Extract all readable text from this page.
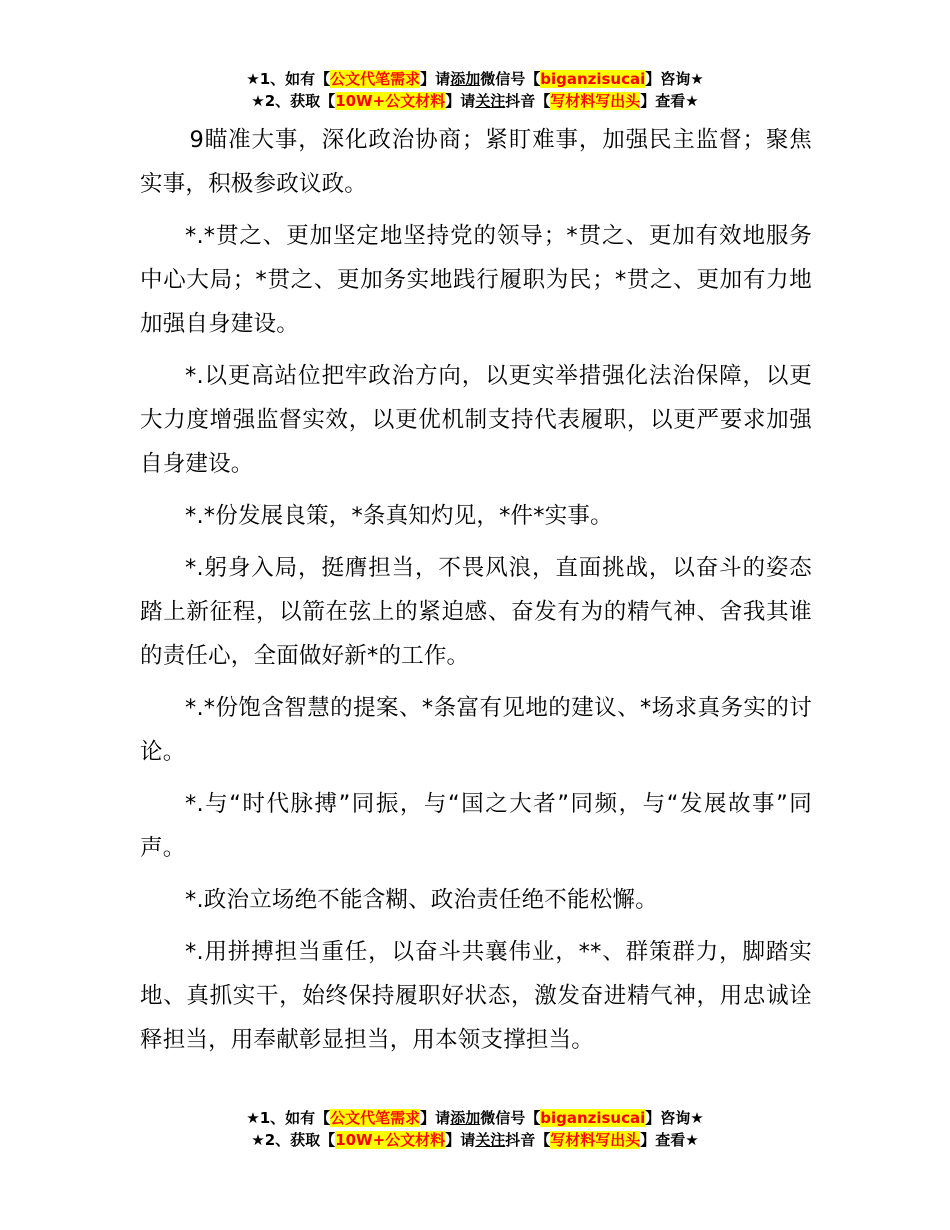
★1、如有【公文代笔需求】请添加微信号【biganzisucai】咨询★
★2、获取【10W+公文材料】请关注抖音【写材料写出头】查看★

9瞄准大事，深化政治协商；紧盯难事，加强民主监督；聚焦实事，积极参政议政。

*.*贯之、更加坚定地坚持党的领导；*贯之、更加有效地服务中心大局；*贯之、更加务实地践行履职为民；*贯之、更加有力地加强自身建设。

*.以更高站位把牢政治方向，以更实举措强化法治保障，以更大力度增强监督实效，以更优机制支持代表履职，以更严要求加强自身建设。

*.*份发展良策，*条真知灼见，*件*实事。

*.躬身入局，挺膺担当，不畏风浪，直面挑战，以奋斗的姿态踏上新征程，以箭在弦上的紧迫感、奋发有为的精气神、舍我其谁的责任心，全面做好新*的工作。

*.*份饱含智慧的提案、*条富有见地的建议、*场求真务实的讨论。

*.与“时代脉搏”同振，与“国之大者”同频，与“发展故事”同声。

*.政治立场绝不能含糊、政治责任绝不能松懈。

*.用拼搏担当重任，以奋斗共襄伟业，**、群策群力，脚踏实地、真抓实干，始终保持履职好状态，激发奋进精气神，用忠诚诠释担当，用奉献彰显担当，用本领支撑担当。

★1、如有【公文代笔需求】请添加微信号【biganzisucai】咨询★
★2、获取【10W+公文材料】请关注抖音【写材料写出头】查看★
